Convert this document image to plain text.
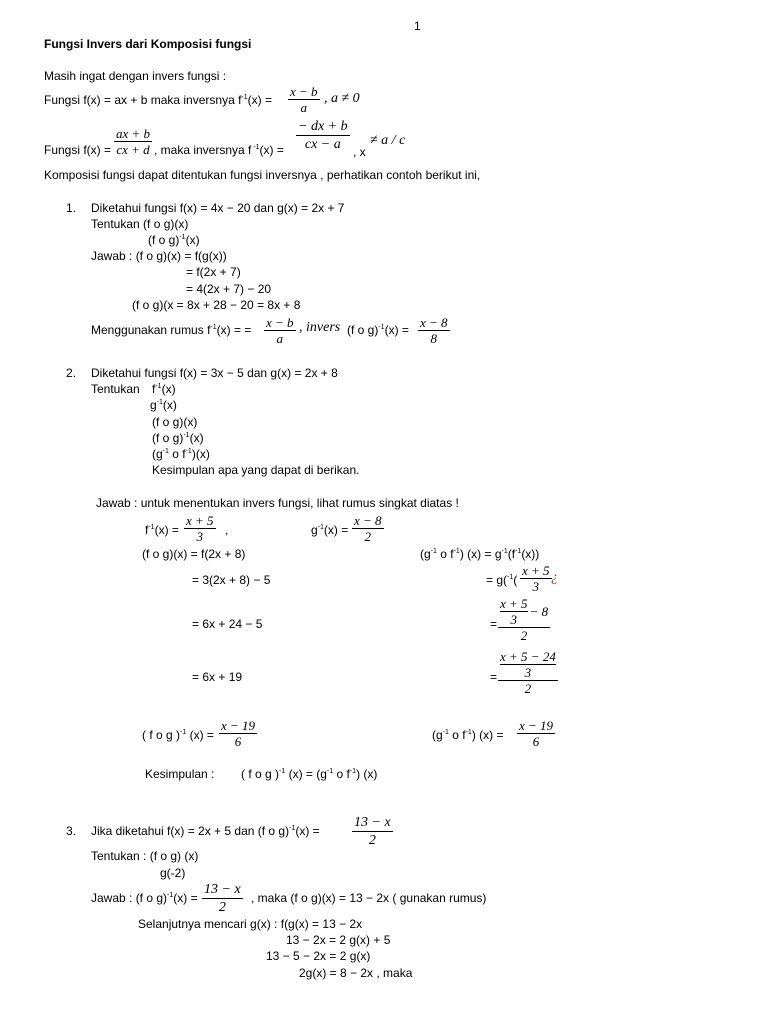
1
Fungsi Invers dari Komposisi fungsi
Masih ingat dengan invers fungsi :
Fungsi f(x) = ax + b maka inversnya $f^{-1}(x)$ =
x − b
a
, a ≠ 0
Fungsi f(x) =
ax + b
cx + d , maka inversnya f $^{-1}$(x) =
− dx + b
cx − a , x
≠ a / c
Komposisi fungsi dapat ditentukan fungsi inversnya , perhatikan contoh berikut ini,
1. Diketahui fungsi f(x) = 4x − 20 dan g(x) = 2x + 7
Tentukan (f o g)(x)
(f o g)$^{-1}$(x)
Jawab : (f o g)(x) = f(g(x))
= f(2x + 7)
= 4(2x + 7) − 20
(f o g)(x = 8x + 28 − 20 = 8x + 8
Menggunakan rumus $f^{-1}(x)$ = = x − b
a
, invers (f o g)$^{-1}$(x) = x − 8
8
2. Diketahui fungsi f(x) = 3x − 5 dan g(x) = 2x + 8
Tentukan $f^{-1}(x)$
$g^{-1}(x)$
(f o g)(x)
(f o g)$^{-1}$(x)
($g^{-1}$ o $f^{-1})(x)$
Kesimpulan apa yang dapat di berikan.
Jawab : untuk menentukan invers fungsi, lihat rumus singkat diatas !
$f^{-1}(x)$ =
x + 5
3 ,	$g^{-1}(x)$ =
x − 8
2
(f o g)(x) = f(2x + 8)
= 3(2x + 8) − 5
= 6x + 24 − 5
= 6x + 19
($g^{-1}$ o $f^{-1}$) $(x) = g^{-1}(f^{-1}(x))$
= g($^{-1}$(
x + 5
3
¿
=
x + 5
3
− 8
2
=
x + 5 − 24
3
2
( f o g )$^{-1}$ (x) =
x − 19
6	($g^{-1}$ o $f^{-1}$) (x) =
x − 19
6
Kesimpulan : ( f o g )$^{-1}$ $(x) = (g^{-1}$ o $f^{-1}$) (x)
3. Jika diketahui f(x) = 2x + 5 dan (f o g)$^{-1}$(x) =
13 − x
2
Tentukan : (f o g) (x)
g(-2)
Jawab : (f o g)$^{-1}$(x) =
13 − x
2
, maka (f o g)(x) = 13 − 2x ( gunakan rumus)
Selanjutnya mencari g(x) : f(g(x) = 13 − 2x
13 − 2x = 2 g(x) + 5
13 − 5 − 2x = 2 g(x)
2g(x) = 8 − 2x , maka
